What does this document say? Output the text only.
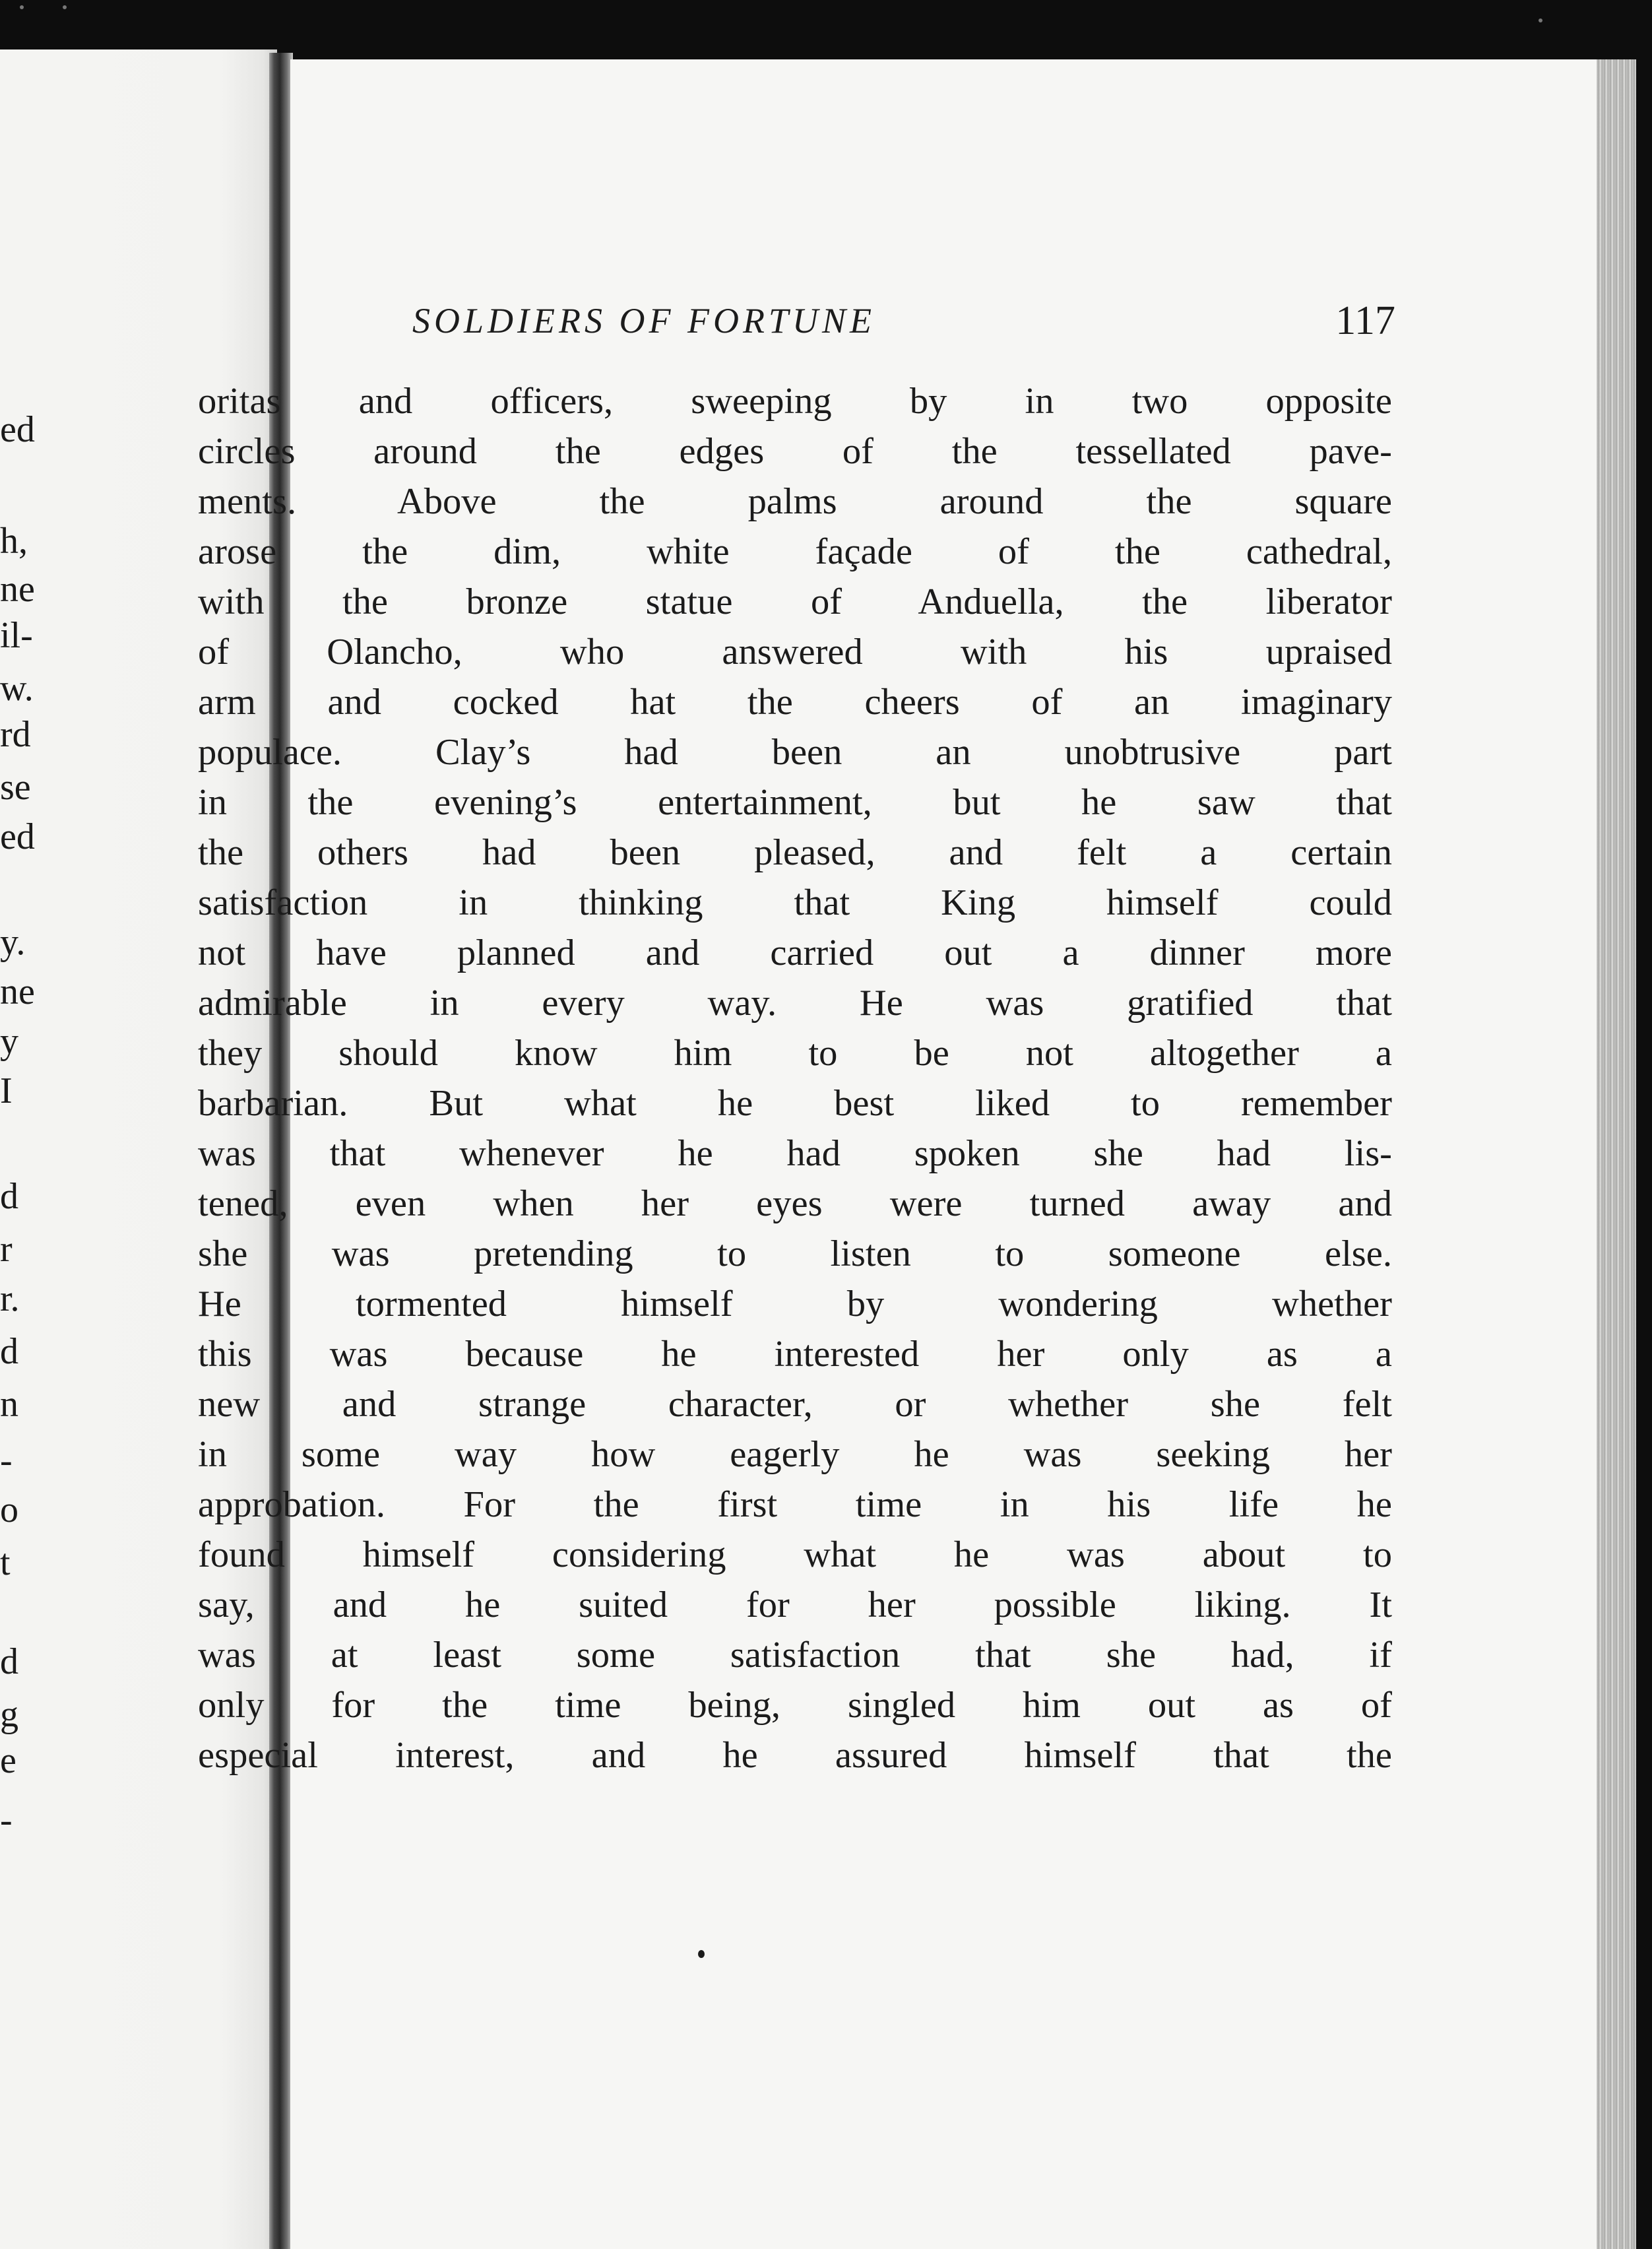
ed
h,
ne
il-
w.
rd
se
ed
y.
ne
y
I
d
r
r.
d
n
-
o
t
d
g
e
-
SOLDIERS OF FORTUNE	117
oritas and officers, sweeping by in two opposite
circles around the edges of the tessellated pave-
ments. Above the palms around the square
arose the dim, white façade of the cathedral,
with the bronze statue of Anduella, the liberator
of Olancho, who answered with his upraised
arm and cocked hat the cheers of an imaginary
populace. Clay’s had been an unobtrusive part
in the evening’s entertainment, but he saw that
the others had been pleased, and felt a certain
satisfaction in thinking that King himself could
not have planned and carried out a dinner more
admirable in every way. He was gratified that
they should know him to be not altogether a
barbarian. But what he best liked to remember
was that whenever he had spoken she had lis-
tened, even when her eyes were turned away and
she was pretending to listen to someone else.
He tormented himself by wondering whether
this was because he interested her only as a
new and strange character, or whether she felt
in some way how eagerly he was seeking her
approbation. For the first time in his life he
found himself considering what he was about to
say, and he suited for her possible liking. It
was at least some satisfaction that she had, if
only for the time being, singled him out as of
especial interest, and he assured himself that the
